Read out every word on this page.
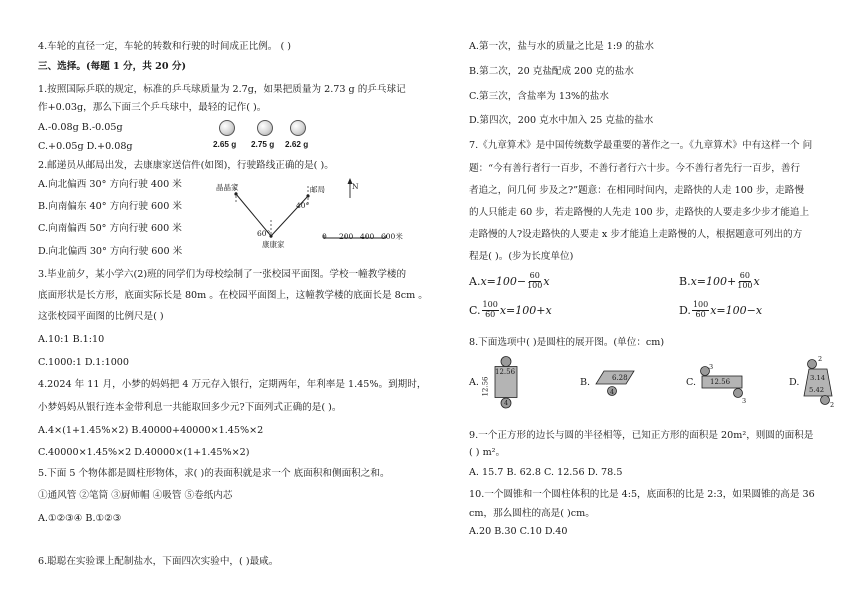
4.车轮的直径一定，车轮的转数和行驶的时间成正比例。 ( )
三、选择。(每题 1 分，共 20 分)
1.按照国际乒联的规定，标准的乒乓球质量为 2.7g，如果把质量为 2.73 g 的乒乓球记
作+0.03g，那么下面三个乒乓球中，最轻的记作( )。
A.-0.08g B.-0.05g
C.+0.05g D.+0.08g	2.65 g 2.75 g 2.62 g
2.邮递员从邮局出发，去康康家送信件(如图)，行驶路线正确的是( )。
A.向北偏西 30° 方向行驶 400 米
B.向南偏东 40° 方向行驶 600 米
C.向南偏西 50° 方向行驶 600 米
D.向北偏西 30° 方向行驶 600 米
晶晶家	邮局	N
40°
60°
康康家
0 200 400 600米
3.毕业前夕，某小学六(2)班的同学们为母校绘制了一张校园平面图。学校一幢教学楼的
底面形状是长方形，底面实际长是 80m 。在校园平面图上，这幢教学楼的底面长是 8cm 。
这张校园平面图的比例尺是( )
A.10:1 B.1:10
C.1000:1 D.1:1000
4.2024 年 11 月，小梦的妈妈把 4 万元存入银行，定期两年，年利率是 1.45%。到期时，
小梦妈妈从银行连本金带利息一共能取回多少元?下面列式正确的是( )。
A.4×(1+1.45%×2) B.40000+40000×1.45%×2
C.40000×1.45%×2 D.40000×(1+1.45%×2)
5.下面 5 个物体都是圆柱形物体，求( )的表面积就是求一个 底面积和侧面积之和。
①通风管 ②笔筒 ③厨师帽 ④吸管 ⑤卷纸内芯
A.①②③④ B.①②③
6.聪聪在实验课上配制盐水，下面四次实验中，( )最咸。
A.第一次，盐与水的质量之比是 1:9 的盐水
B.第二次，20 克盐配成 200 克的盐水
C.第三次，含盐率为 13%的盐水
D.第四次，200 克水中加入 25 克盐的盐水
7.《九章算术》是中国传统数学最重要的著作之一。《九章算术》中有这样一个 问
题：“今有善行者行一百步，不善行者行六十步。今不善行者先行一百步，善行
者追之，问几何 步及之?”题意：在相同时间内，走路快的人走 100 步，走路慢
的人只能走 60 步，若走路慢的人先走 100 步，走路快的人要走多少步才能追上
走路慢的人?设走路快的人要走 x 步才能追上走路慢的人，根据题意可列出的方
程是( )。(步为长度单位)
A. $x=100- \frac{60}{100}$ x	B. $x=100+ \frac{60}{100}$ x
C. $\frac{100}{60} x=100+x$	D. $\frac{100}{60} x=100-x$
8.下面选项中( )是圆柱的展开图。(单位：cm)
A.
12.56
12.56
4
B.	6.28
4
C. 12.56
3
3
D. 3.14
5.42
2
2
9.一个正方形的边长与圆的半径相等，已知正方形的面积是 20m²，则圆的面积是
( ) m²。
A. 15.7 B. 62.8 C. 12.56 D. 78.5
10.一个圆锥和一个圆柱体积的比是 4:5，底面积的比是 2:3，如果圆锥的高是 36
cm，那么圆柱的高是( )cm。
A.20 B.30 C.10 D.40
